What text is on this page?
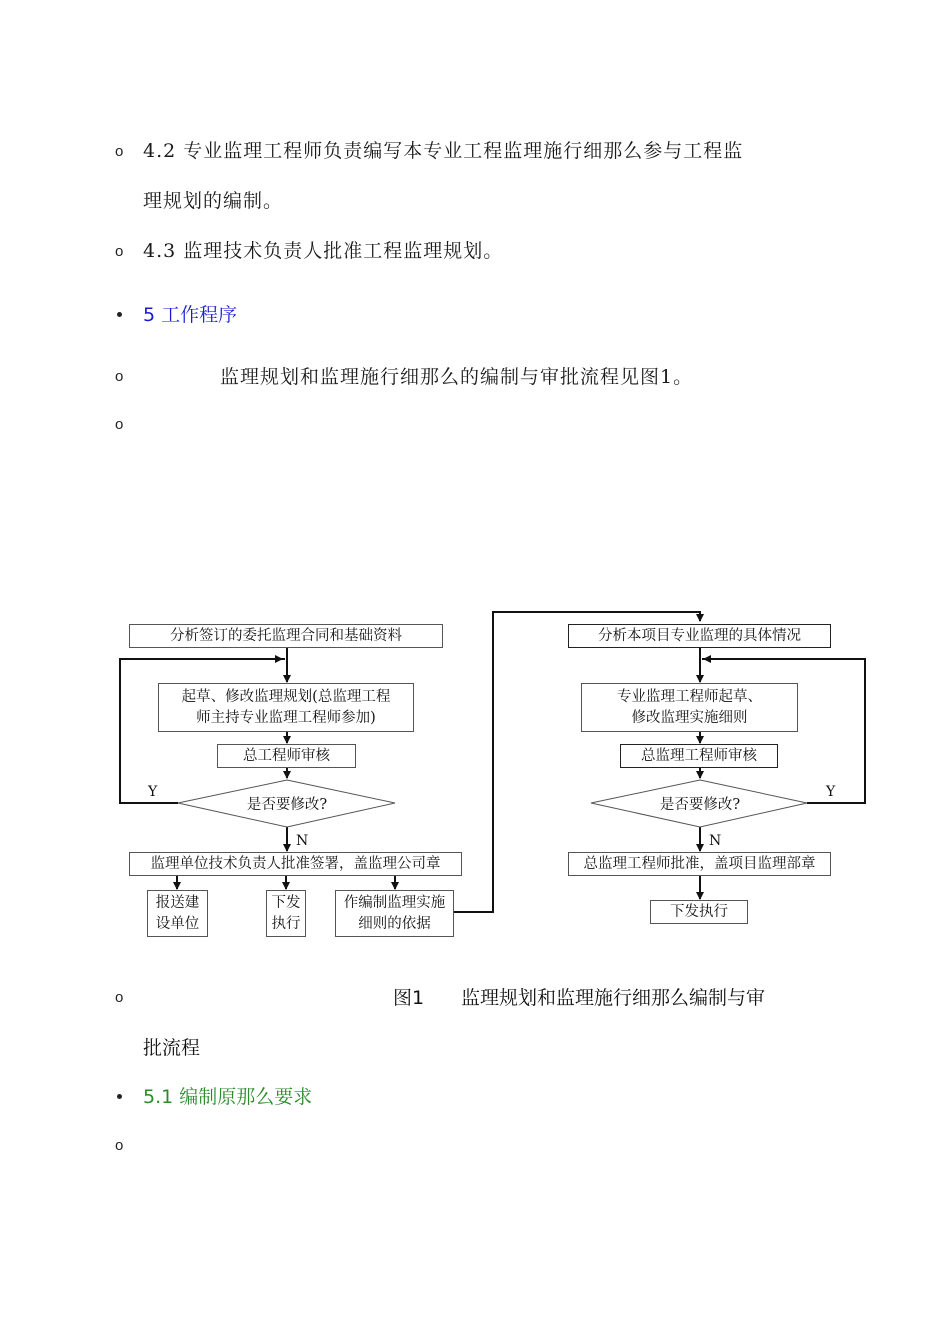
o 4.2 专业监理工程师负责编写本专业工程监理施行细那么参与工程监
理规划的编制。
o 4.3 监理技术负责人批准工程监理规划。
5 工作程序
o	监理规划和监理施行细那么的编制与审批流程见图1。
o
分析签订的委托监理合同和基础资料
起草、修改监理规划(总监理工程
师主持专业监理工程师参加)
总工程师审核
是否要修改?
Y
N
监理单位技术负责人批准签署，盖监理公司章
报送建
设单位
下发
执行
作编制监理实施
细则的依据
分析本项目专业监理的具体情况
专业监理工程师起草、
修改监理实施细则
总监理工程师审核
是否要修改?
Y
N
总监理工程师批准，盖项目监理部章
下发执行
o	图1 监理规划和监理施行细那么编制与审
批流程
5.1 编制原那么要求
o
